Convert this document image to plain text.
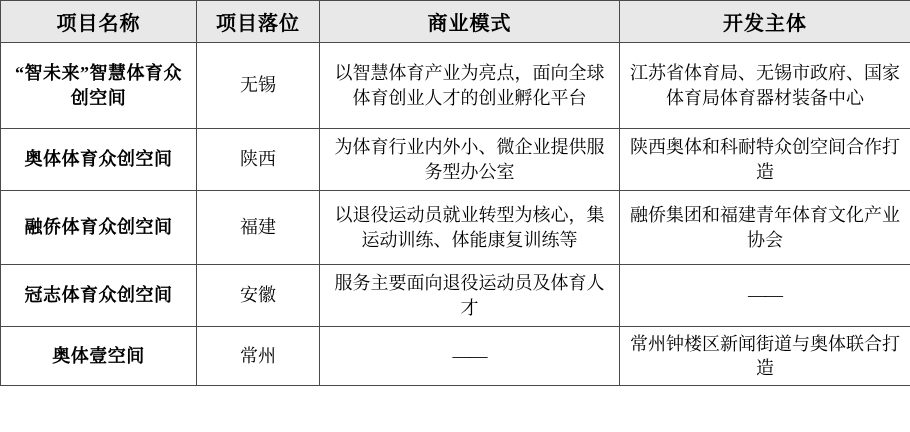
项目名称	项目落位	商业模式	开发主体
“智未来”智慧体育众创空间	无锡	以智慧体育产业为亮点，面向全球体育创业人才的创业孵化平台	江苏省体育局、无锡市政府、国家体育局体育器材装备中心
奥体体育众创空间	陕西	为体育行业内外小、微企业提供服务型办公室	陕西奥体和科耐特众创空间合作打造
融侨体育众创空间	福建	以退役运动员就业转型为核心，集运动训练、体能康复训练等	融侨集团和福建青年体育文化产业协会
冠志体育众创空间	安徽	服务主要面向退役运动员及体育人才	——
奥体壹空间	常州	——	常州钟楼区新闻街道与奥体联合打造
